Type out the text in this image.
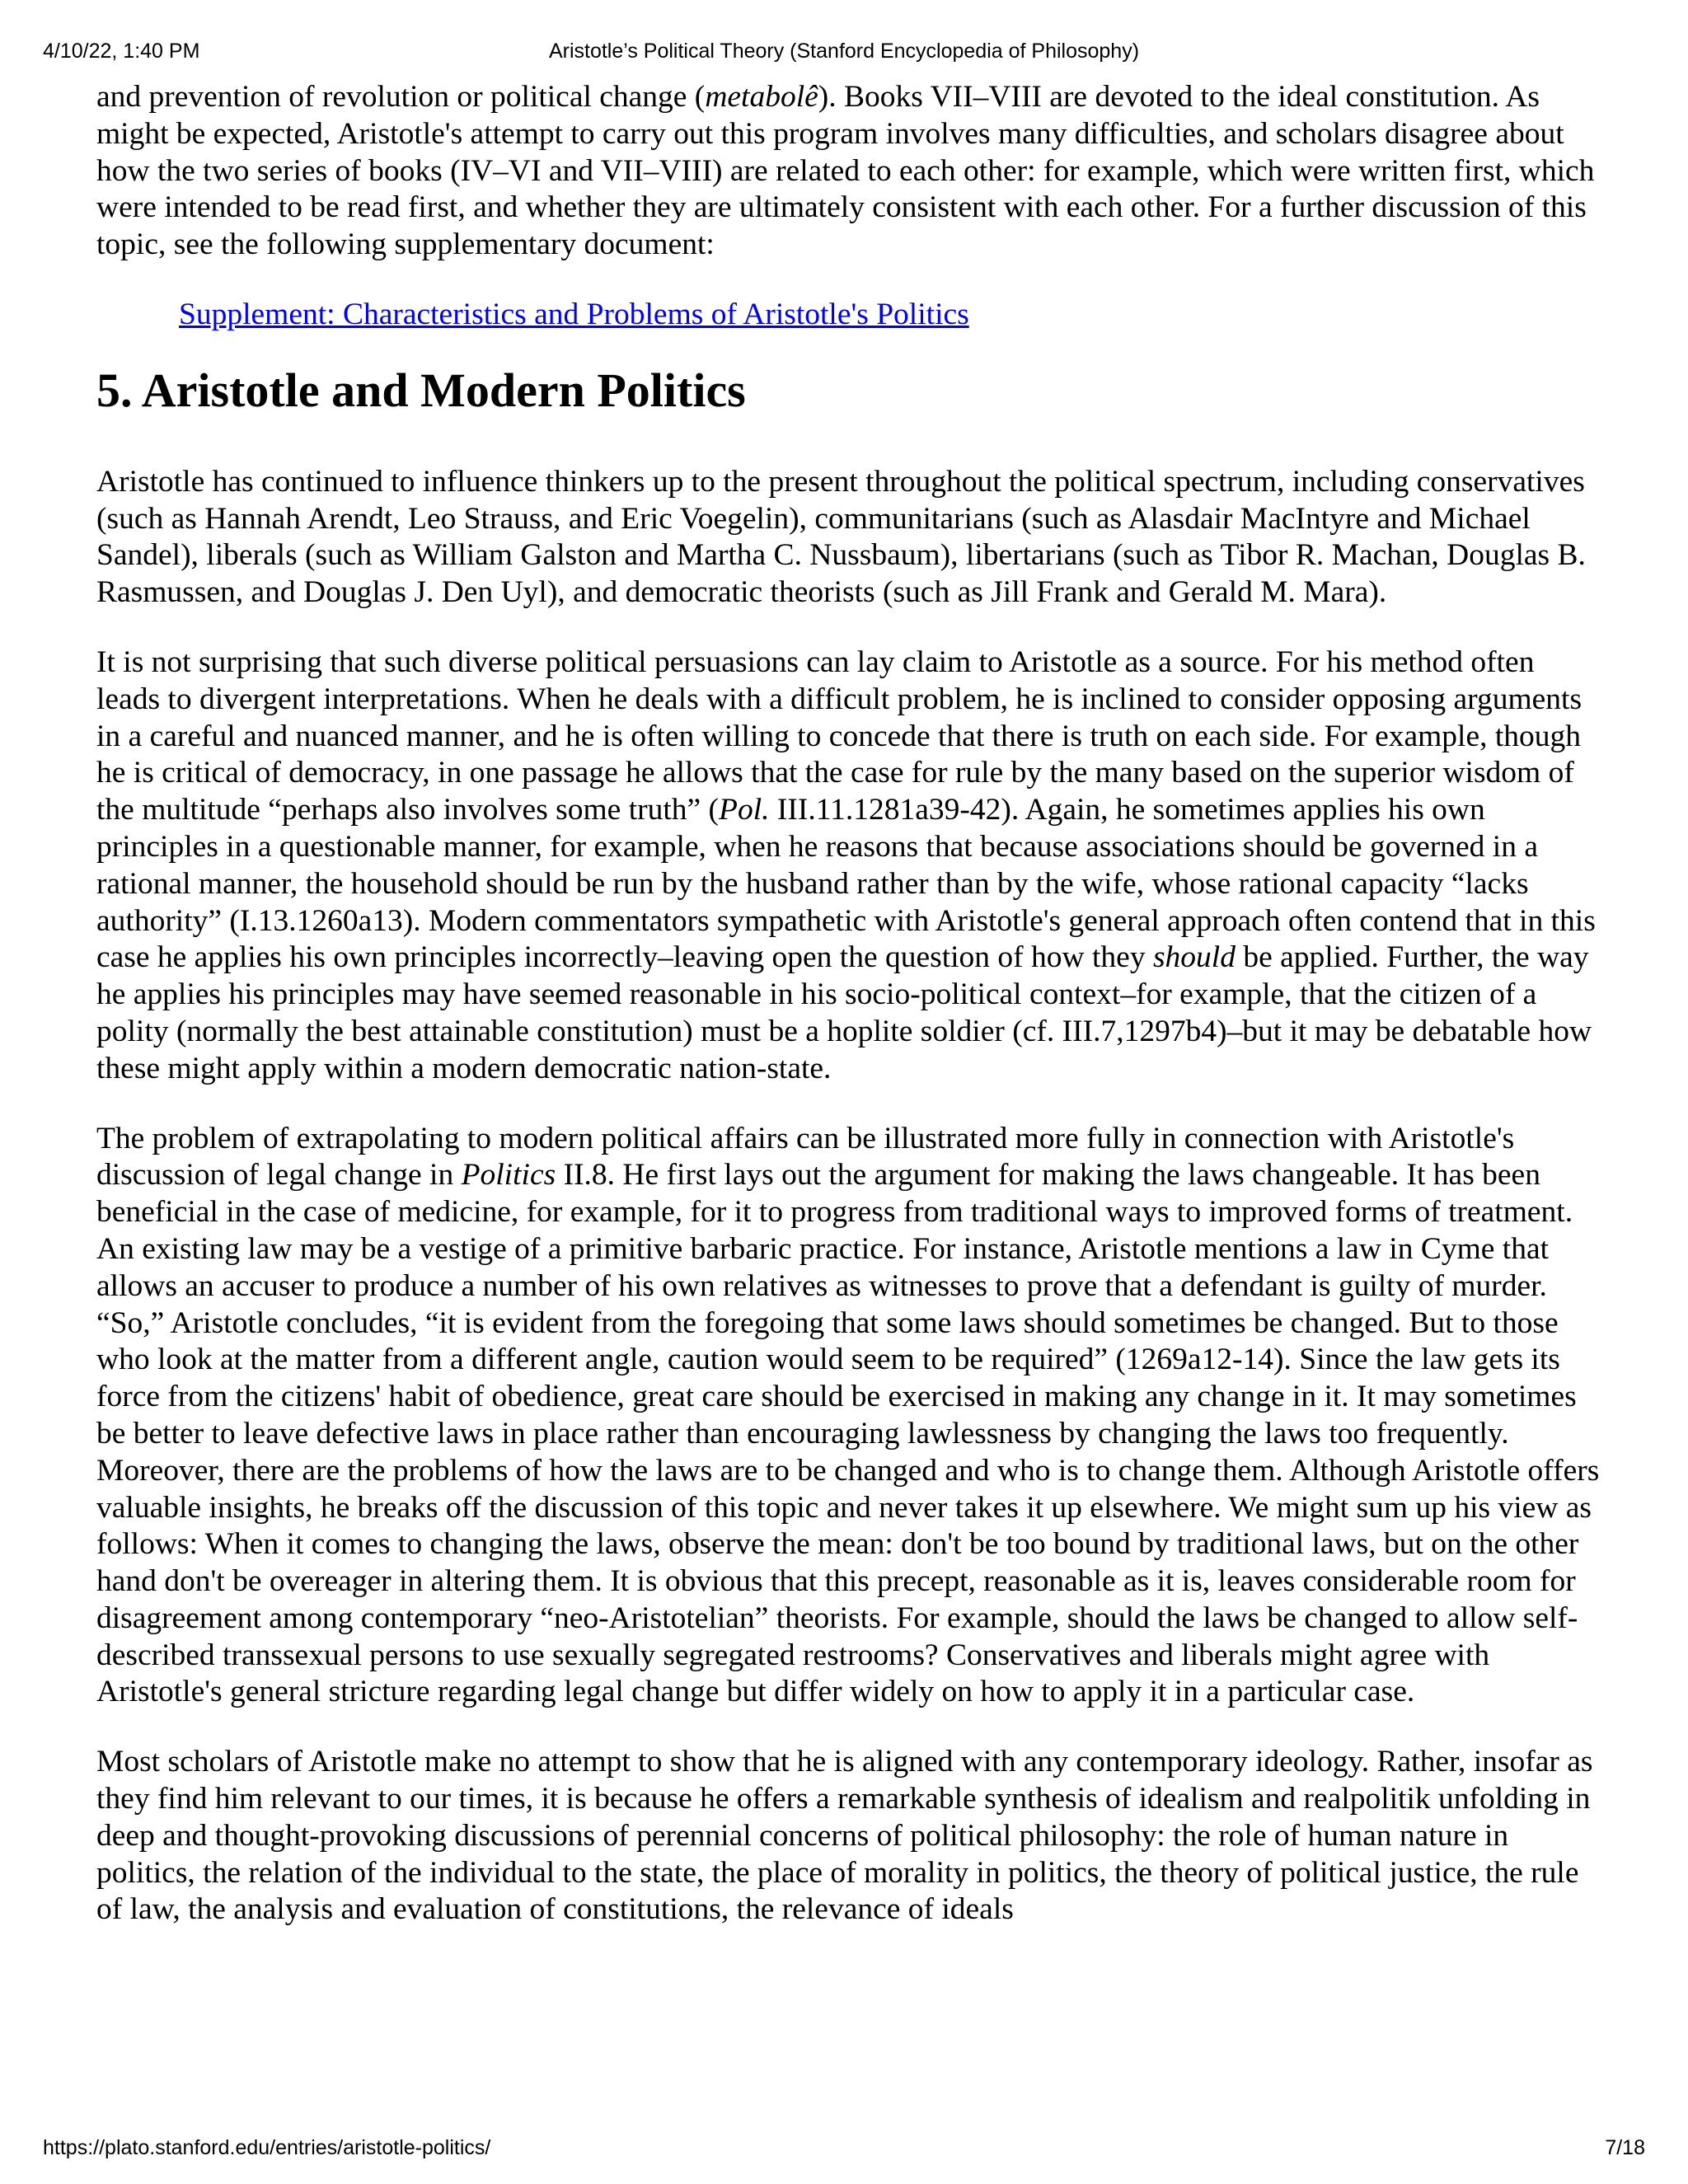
4/10/22, 1:40 PM	Aristotle’s Political Theory (Stanford Encyclopedia of Philosophy)

and prevention of revolution or political change (metabolê). Books VII–VIII are devoted to the ideal constitution. As might be expected, Aristotle's attempt to carry out this program involves many difficulties, and scholars disagree about how the two series of books (IV–VI and VII–VIII) are related to each other: for example, which were written first, which were intended to be read first, and whether they are ultimately consistent with each other. For a further discussion of this topic, see the following supplementary document:

Supplement: Characteristics and Problems of Aristotle's Politics
5. Aristotle and Modern Politics

Aristotle has continued to influence thinkers up to the present throughout the political spectrum, including conservatives (such as Hannah Arendt, Leo Strauss, and Eric Voegelin), communitarians (such as Alasdair MacIntyre and Michael Sandel), liberals (such as William Galston and Martha C. Nussbaum), libertarians (such as Tibor R. Machan, Douglas B. Rasmussen, and Douglas J. Den Uyl), and democratic theorists (such as Jill Frank and Gerald M. Mara).

It is not surprising that such diverse political persuasions can lay claim to Aristotle as a source. For his method often leads to divergent interpretations. When he deals with a difficult problem, he is inclined to consider opposing arguments in a careful and nuanced manner, and he is often willing to concede that there is truth on each side. For example, though he is critical of democracy, in one passage he allows that the case for rule by the many based on the superior wisdom of the multitude “perhaps also involves some truth” (Pol. III.11.1281a39-42). Again, he sometimes applies his own principles in a questionable manner, for example, when he reasons that because associations should be governed in a rational manner, the household should be run by the husband rather than by the wife, whose rational capacity “lacks authority” (I.13.1260a13). Modern commentators sympathetic with Aristotle's general approach often contend that in this case he applies his own principles incorrectly–leaving open the question of how they should be applied. Further, the way he applies his principles may have seemed reasonable in his socio-political context–for example, that the citizen of a polity (normally the best attainable constitution) must be a hoplite soldier (cf. III.7,1297b4)–but it may be debatable how these might apply within a modern democratic nation-state.

The problem of extrapolating to modern political affairs can be illustrated more fully in connection with Aristotle's discussion of legal change in Politics II.8. He first lays out the argument for making the laws changeable. It has been beneficial in the case of medicine, for example, for it to progress from traditional ways to improved forms of treatment. An existing law may be a vestige of a primitive barbaric practice. For instance, Aristotle mentions a law in Cyme that allows an accuser to produce a number of his own relatives as witnesses to prove that a defendant is guilty of murder. “So,” Aristotle concludes, “it is evident from the foregoing that some laws should sometimes be changed. But to those who look at the matter from a different angle, caution would seem to be required” (1269a12-14). Since the law gets its force from the citizens' habit of obedience, great care should be exercised in making any change in it. It may sometimes be better to leave defective laws in place rather than encouraging lawlessness by changing the laws too frequently. Moreover, there are the problems of how the laws are to be changed and who is to change them. Although Aristotle offers valuable insights, he breaks off the discussion of this topic and never takes it up elsewhere. We might sum up his view as follows: When it comes to changing the laws, observe the mean: don't be too bound by traditional laws, but on the other hand don't be overeager in altering them. It is obvious that this precept, reasonable as it is, leaves considerable room for disagreement among contemporary “neo-Aristotelian” theorists. For example, should the laws be changed to allow self-described transsexual persons to use sexually segregated restrooms? Conservatives and liberals might agree with Aristotle's general stricture regarding legal change but differ widely on how to apply it in a particular case.

Most scholars of Aristotle make no attempt to show that he is aligned with any contemporary ideology. Rather, insofar as they find him relevant to our times, it is because he offers a remarkable synthesis of idealism and realpolitik unfolding in deep and thought-provoking discussions of perennial concerns of political philosophy: the role of human nature in politics, the relation of the individual to the state, the place of morality in politics, the theory of political justice, the rule of law, the analysis and evaluation of constitutions, the relevance of ideals

https://plato.stanford.edu/entries/aristotle-politics/	7/18
